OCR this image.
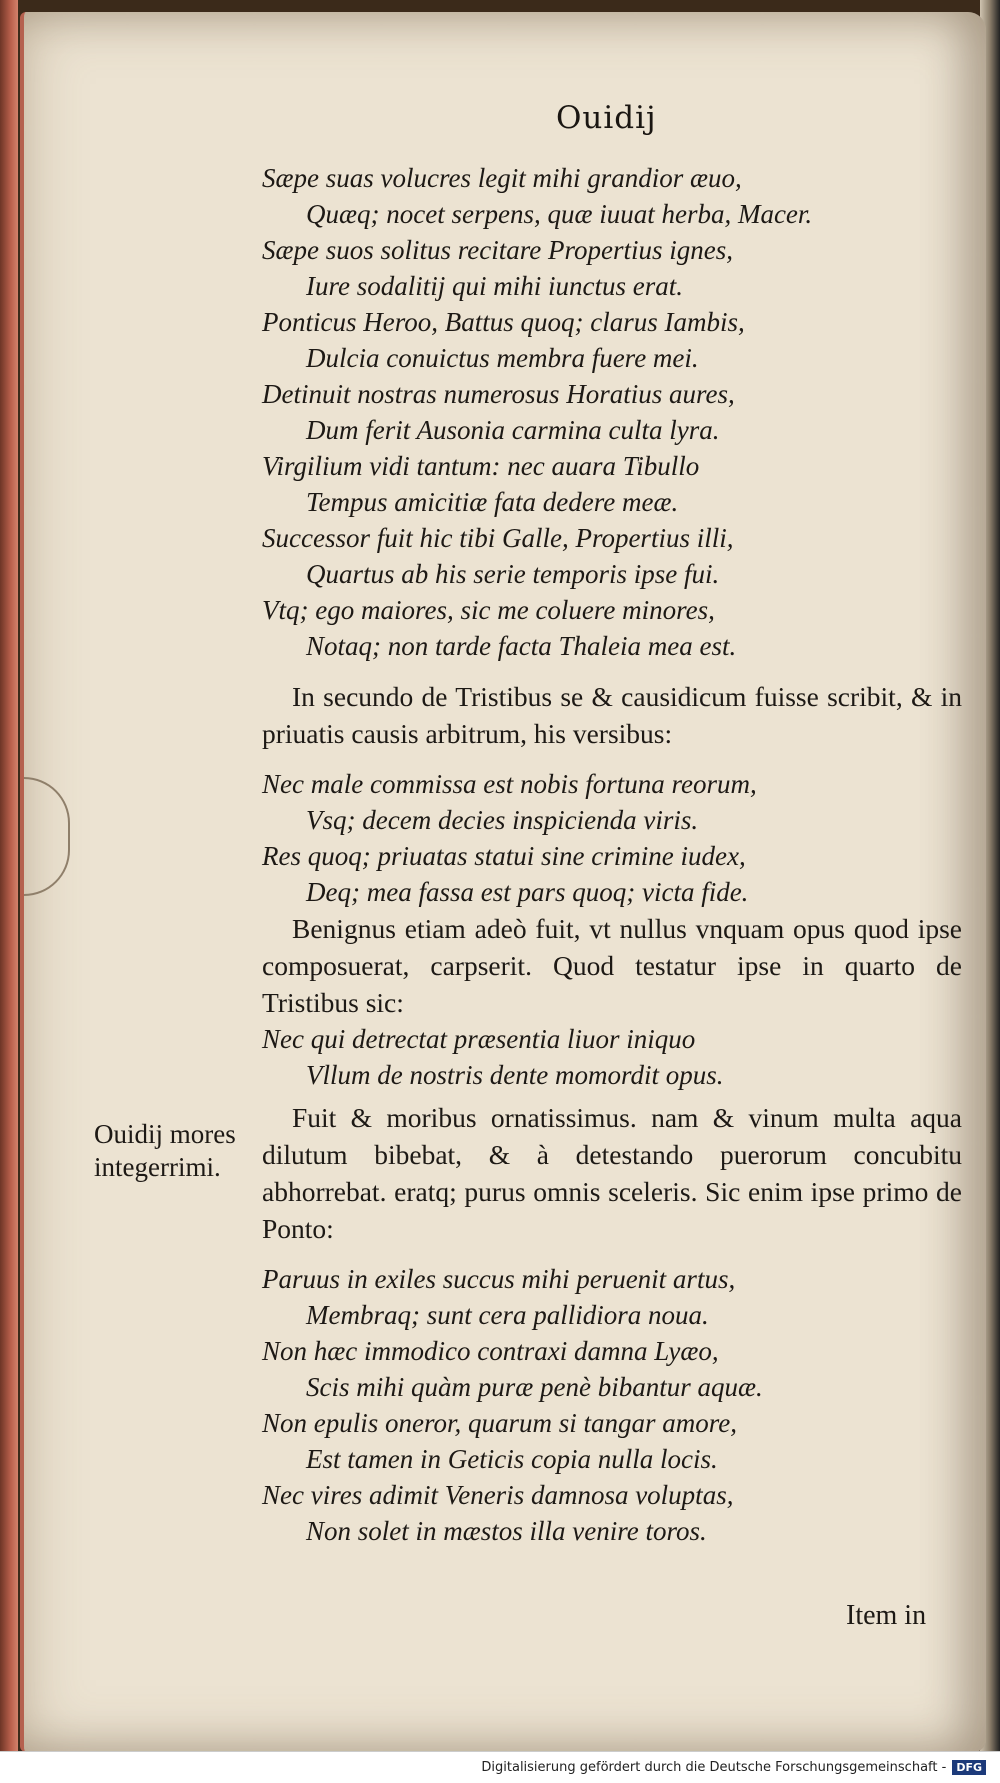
Ouidij
Sæpe suas volucres legit mihi grandior æuo,
Quæq; nocet serpens, quæ iuuat herba, Macer.
Sæpe suos solitus recitare Propertius ignes,
Iure sodalitij qui mihi iunctus erat.
Ponticus Heroo, Battus quoq; clarus Iambis,
Dulcia conuictus membra fuere mei.
Detinuit nostras numerosus Horatius aures,
Dum ferit Ausonia carmina culta lyra.
Virgilium vidi tantum: nec auara Tibullo
Tempus amicitiæ fata dedere meæ.
Successor fuit hic tibi Galle, Propertius illi,
Quartus ab his serie temporis ipse fui.
Vtq; ego maiores, sic me coluere minores,
Notaq; non tarde facta Thaleia mea est.

In secundo de Tristibus se & causidicum fuisse scribit, & in priuatis causis arbitrum, his versibus:

Nec male commissa est nobis fortuna reorum,
Vsq; decem decies inspicienda viris.
Res quoq; priuatas statui sine crimine iudex,
Deq; mea fassa est pars quoq; victa fide.

Benignus etiam adeò fuit, vt nullus vnquam opus quod ipse composuerat, carpserit. Quod testatur ipse in quarto de Tristibus sic:

Nec qui detrectat præsentia liuor iniquo
Vllum de nostris dente momordit opus.

Fuit & moribus ornatissimus. nam & vinum multa aqua dilutum bibebat, & à detestando puerorum concubitu abhorrebat. eratq; purus omnis sceleris. Sic enim ipse primo de Ponto:

Paruus in exiles succus mihi peruenit artus,
Membraq; sunt cera pallidiora noua.
Non hæc immodico contraxi damna Lyæo,
Scis mihi quàm puræ penè bibantur aquæ.
Non epulis oneror, quarum si tangar amore,
Est tamen in Geticis copia nulla locis.
Nec vires adimit Veneris damnosa voluptas,
Non solet in mæstos illa venire toros.
Ouidij mores integerrimi.
Item in
Digitalisierung gefördert durch die Deutsche Forschungsgemeinschaft - DFG
